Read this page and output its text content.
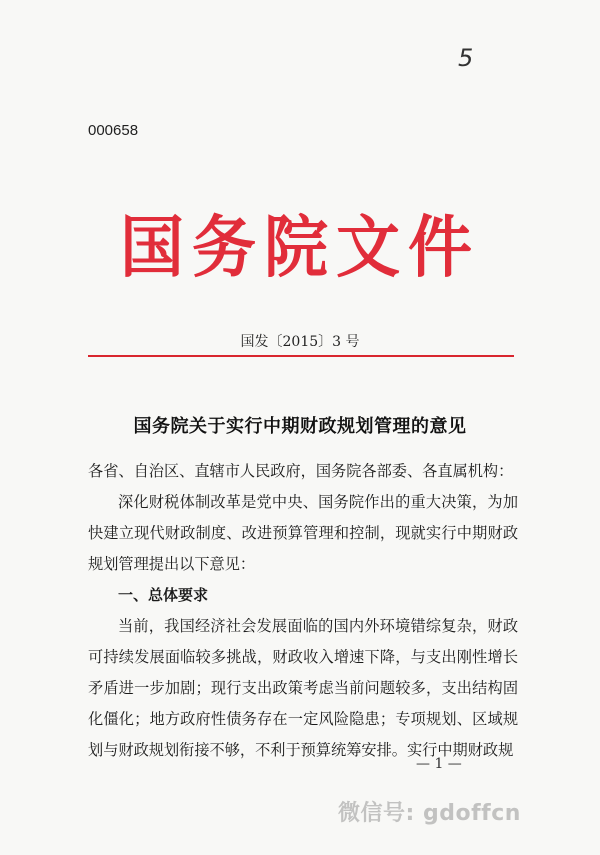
5
000658
国务院文件
国发〔2015〕3 号
国务院关于实行中期财政规划管理的意见

各省、自治区、直辖市人民政府，国务院各部委、各直属机构：

深化财税体制改革是党中央、国务院作出的重大决策，为加快建立现代财政制度、改进预算管理和控制，现就实行中期财政规划管理提出以下意见：

一、总体要求

当前，我国经济社会发展面临的国内外环境错综复杂，财政可持续发展面临较多挑战，财政收入增速下降，与支出刚性增长矛盾进一步加剧；现行支出政策考虑当前问题较多，支出结构固化僵化；地方政府性债务存在一定风险隐患；专项规划、区域规划与财政规划衔接不够，不利于预算统筹安排。实行中期财政规

— 1 —
微信号: gdoffcn
